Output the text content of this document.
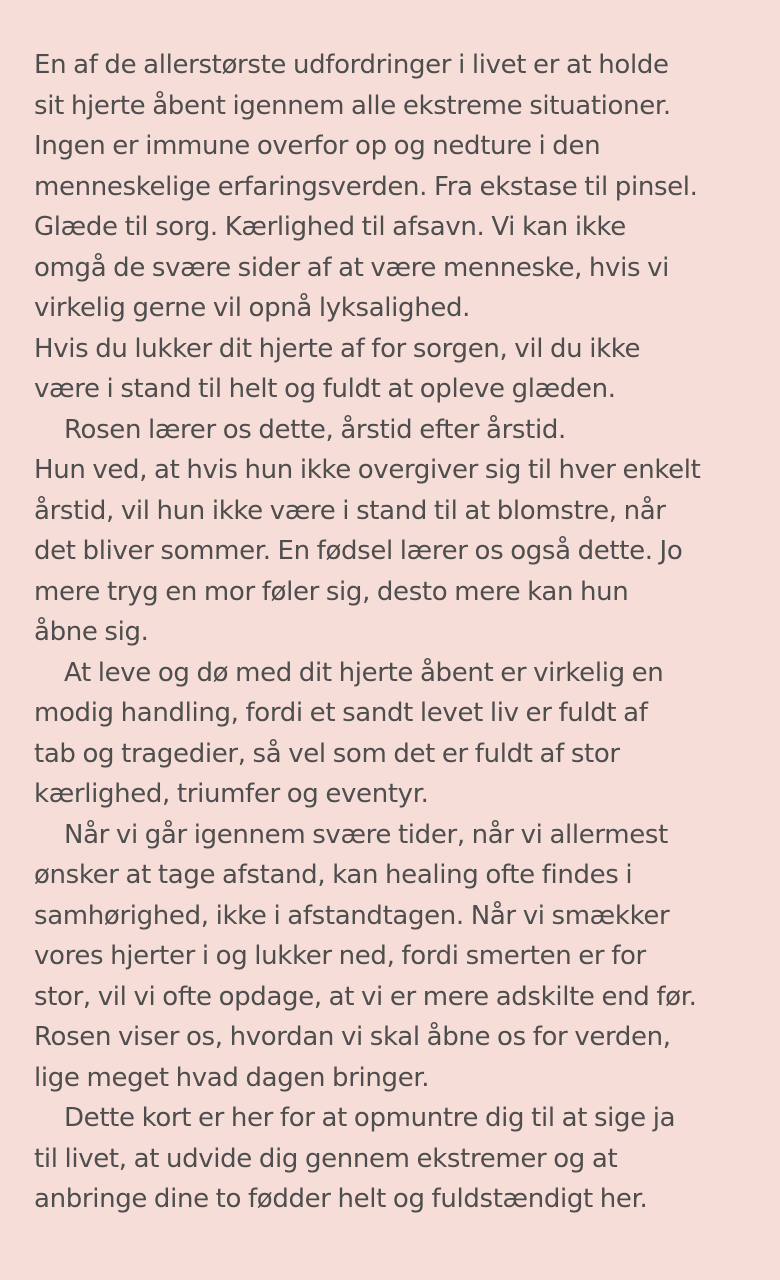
En af de allerstørste udfordringer i livet er at holde
sit hjerte åbent igennem alle ekstreme situationer.
Ingen er immune overfor op og nedture i den
menneskelige erfaringsverden. Fra ekstase til pinsel.
Glæde til sorg. Kærlighed til afsavn. Vi kan ikke
omgå de svære sider af at være menneske, hvis vi
virkelig gerne vil opnå lyksalighed.
Hvis du lukker dit hjerte af for sorgen, vil du ikke
være i stand til helt og fuldt at opleve glæden.
Rosen lærer os dette, årstid efter årstid.
Hun ved, at hvis hun ikke overgiver sig til hver enkelt
årstid, vil hun ikke være i stand til at blomstre, når
det bliver sommer. En fødsel lærer os også dette. Jo
mere tryg en mor føler sig, desto mere kan hun
åbne sig.
At leve og dø med dit hjerte åbent er virkelig en
modig handling, fordi et sandt levet liv er fuldt af
tab og tragedier, så vel som det er fuldt af stor
kærlighed, triumfer og eventyr.
Når vi går igennem svære tider, når vi allermest
ønsker at tage afstand, kan healing ofte findes i
samhørighed, ikke i afstandtagen. Når vi smækker
vores hjerter i og lukker ned, fordi smerten er for
stor, vil vi ofte opdage, at vi er mere adskilte end før.
Rosen viser os, hvordan vi skal åbne os for verden,
lige meget hvad dagen bringer.
Dette kort er her for at opmuntre dig til at sige ja
til livet, at udvide dig gennem ekstremer og at
anbringe dine to fødder helt og fuldstændigt her.
